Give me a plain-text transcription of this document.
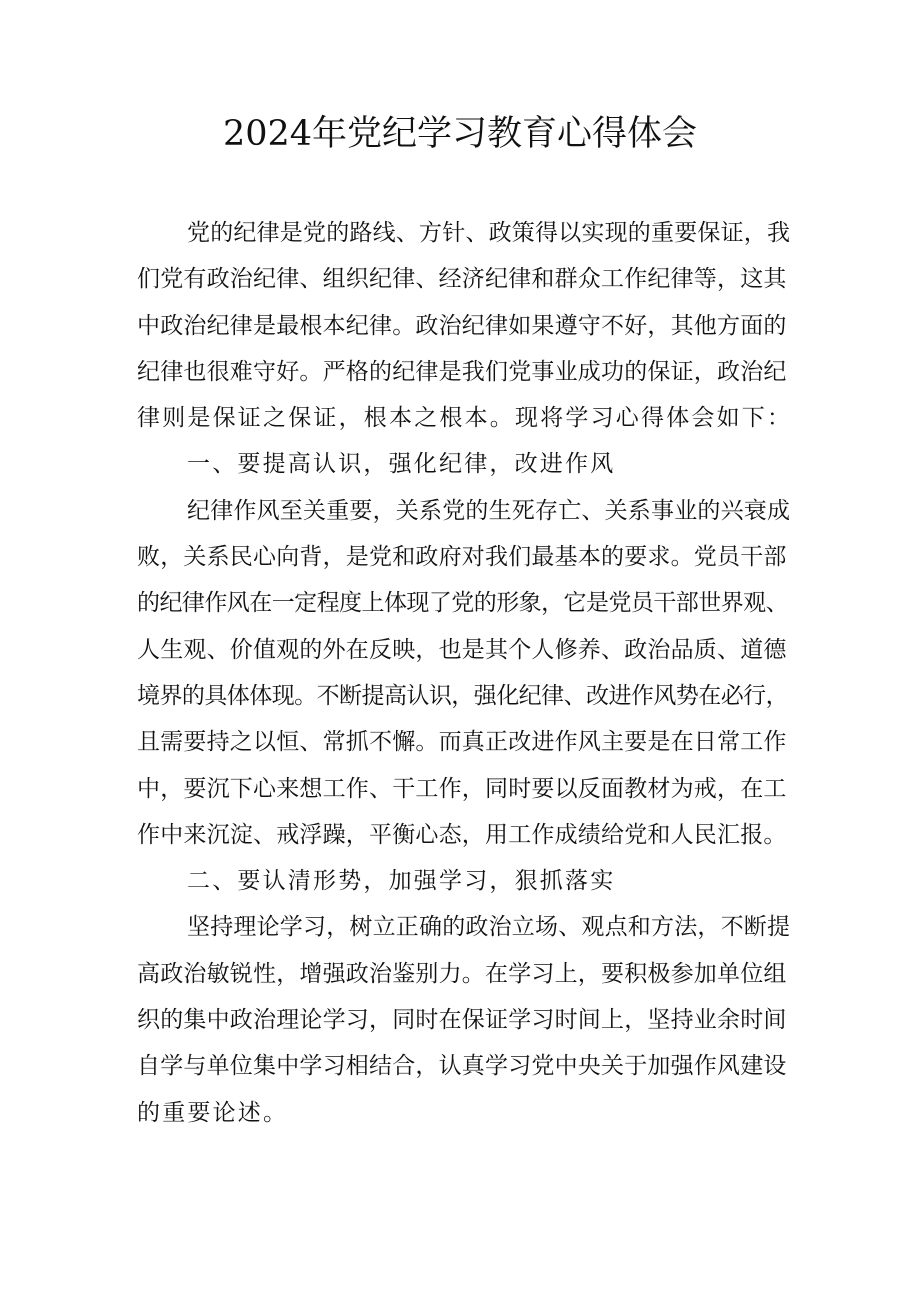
2024年党纪学习教育心得体会

党的纪律是党的路线、方针、政策得以实现的重要保证，我
们党有政治纪律、组织纪律、经济纪律和群众工作纪律等，这其
中政治纪律是最根本纪律。政治纪律如果遵守不好，其他方面的
纪律也很难守好。严格的纪律是我们党事业成功的保证，政治纪
律则是保证之保证，根本之根本。现将学习心得体会如下：

一、要提高认识，强化纪律，改进作风

纪律作风至关重要，关系党的生死存亡、关系事业的兴衰成
败，关系民心向背，是党和政府对我们最基本的要求。党员干部
的纪律作风在一定程度上体现了党的形象，它是党员干部世界观、
人生观、价值观的外在反映，也是其个人修养、政治品质、道德
境界的具体体现。不断提高认识，强化纪律、改进作风势在必行，
且需要持之以恒、常抓不懈。而真正改进作风主要是在日常工作
中，要沉下心来想工作、干工作，同时要以反面教材为戒，在工
作中来沉淀、戒浮躁，平衡心态，用工作成绩给党和人民汇报。

二、要认清形势，加强学习，狠抓落实

坚持理论学习，树立正确的政治立场、观点和方法，不断提
高政治敏锐性，增强政治鉴别力。在学习上，要积极参加单位组
织的集中政治理论学习，同时在保证学习时间上，坚持业余时间
自学与单位集中学习相结合，认真学习党中央关于加强作风建设
的重要论述。
